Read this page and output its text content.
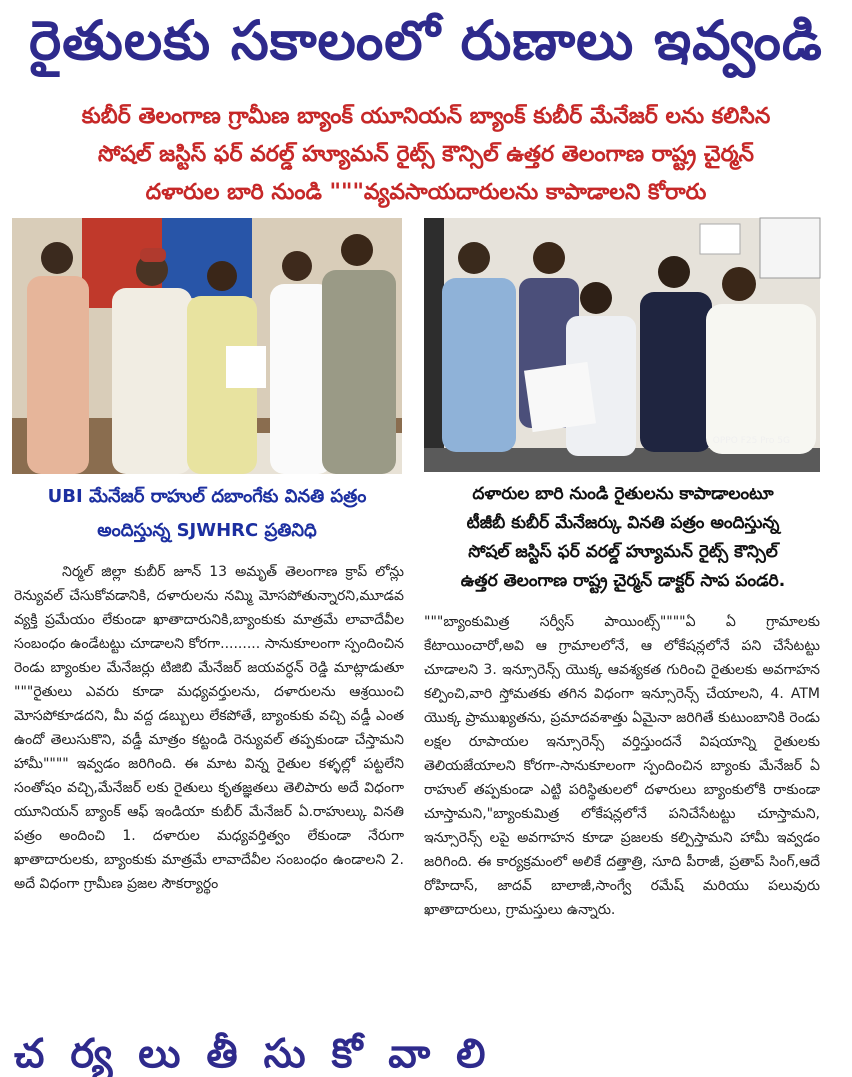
రైతులకు సకాలంలో రుణాలు ఇవ్వండి
కుబీర్ తెలంగాణ గ్రామీణ బ్యాంక్ యూనియన్ బ్యాంక్ కుబీర్ మేనేజర్ లను కలిసిన
సోషల్ జస్టిస్ ఫర్ వరల్డ్ హ్యూమన్ రైట్స్ కౌన్సిల్ ఉత్తర తెలంగాణ రాష్ట్ర చైర్మన్
దళారుల బారి నుండి """వ్యవసాయదారులను కాపాడాలని కోరారు
OPPO F25 Pro 5G
UBI మేనేజర్ రాహుల్ దబాంగేకు వినతి పత్రం
అందిస్తున్న SJWHRC ప్రతినిధి
దళారుల బారి నుండి రైతులను కాపాడాలంటూ
టీజీబీ కుబీర్ మేనేజర్కు వినతి పత్రం అందిస్తున్న
సోషల్ జస్టిస్ ఫర్ వరల్డ్ హ్యూమన్ రైట్స్ కౌన్సిల్
ఉత్తర తెలంగాణ రాష్ట్ర చైర్మన్ డాక్టర్ సాప పండరి.
నిర్మల్ జిల్లా కుబీర్ జూన్ 13 అమృత్ తెలంగాణ క్రాప్ లోన్లు రెన్యువల్ చేసుకోవడానికి, దళారులను నమ్మి మోసపోతున్నారని,మూడవ వ్యక్తి ప్రమేయం లేకుండా ఖాతాదారునికి,బ్యాంకుకు మాత్రమే లావాదేవీల సంబంధం ఉండేటట్టు చూడాలని కోరగా......... సానుకూలంగా స్పందించిన రెండు బ్యాంకుల మేనేజర్లు టిజిబి మేనేజర్ జయవర్ధన్ రెడ్డి మాట్లాడుతూ """రైతులు ఎవరు కూడా మధ్యవర్తులను, దళారులను ఆశ్రయించి మోసపోకూడదని, మీ వద్ద డబ్బులు లేకపోతే, బ్యాంకుకు వచ్చి వడ్డీ ఎంత ఉందో తెలుసుకొని, వడ్డీ మాత్రం కట్టండి రెన్యువల్ తప్పకుండా చేస్తామని హామీ"""" ఇవ్వడం జరిగింది. ఈ మాట విన్న రైతుల కళ్ళల్లో పట్టలేని సంతోషం వచ్చి,మేనేజర్ లకు రైతులు కృతజ్ఞతలు తెలిపారు అదే విధంగా యూనియన్ బ్యాంక్ ఆఫ్ ఇండియా కుబీర్ మేనేజర్ ఏ.రాహుల్కు వినతి పత్రం అందించి 1. దళారుల మధ్యవర్తిత్వం లేకుండా నేరుగా ఖాతాదారులకు, బ్యాంకుకు మాత్రమే లావాదేవీల సంబంధం ఉండాలని 2. అదే విధంగా గ్రామీణ ప్రజల సౌకర్యార్థం
"""బ్యాంకుమిత్ర సర్వీస్ పాయింట్స్""""ఏ ఏ గ్రామాలకు కేటాయించారో,అవి ఆ గ్రామాలలోనే, ఆ లోకేషన్లలోనే పని చేసేటట్టు చూడాలని 3. ఇన్సూరెన్స్ యొక్క ఆవశ్యకత గురించి రైతులకు అవగాహన కల్పించి,వారి స్తోమతకు తగిన విధంగా ఇన్సూరెన్స్ చేయాలని, 4. ATM యొక్క ప్రాముఖ్యతను, ప్రమాదవశాత్తు ఏమైనా జరిగితే కుటుంబానికి రెండు లక్షల రూపాయల ఇన్సూరెన్స్ వర్తిస్తుందనే విషయాన్ని రైతులకు తెలియజేయాలని కోరగా-సానుకూలంగా స్పందించిన బ్యాంకు మేనేజర్ ఏ రాహుల్ తప్పకుండా ఎట్టి పరిస్థితులలో దళారులు బ్యాంకులోకి రాకుండా చూస్తామని,"బ్యాంకుమిత్ర లోకేషన్లలోనే పనిచేసేటట్టు చూస్తామని, ఇన్సూరెన్స్ లపై అవగాహన కూడా ప్రజలకు కల్పిస్తామని హామీ ఇవ్వడం జరిగింది. ఈ కార్యక్రమంలో అలికే దత్తాత్రి, సూది పీరాజీ, ప్రతాప్ సింగ్,ఆదే రోహిదాస్, జాదవ్ బాలాజీ,సాంగ్వే రమేష్ మరియు పలువురు ఖాతాదారులు, గ్రామస్తులు ఉన్నారు.
చ ర్య లు తీ సు కో వా లి
